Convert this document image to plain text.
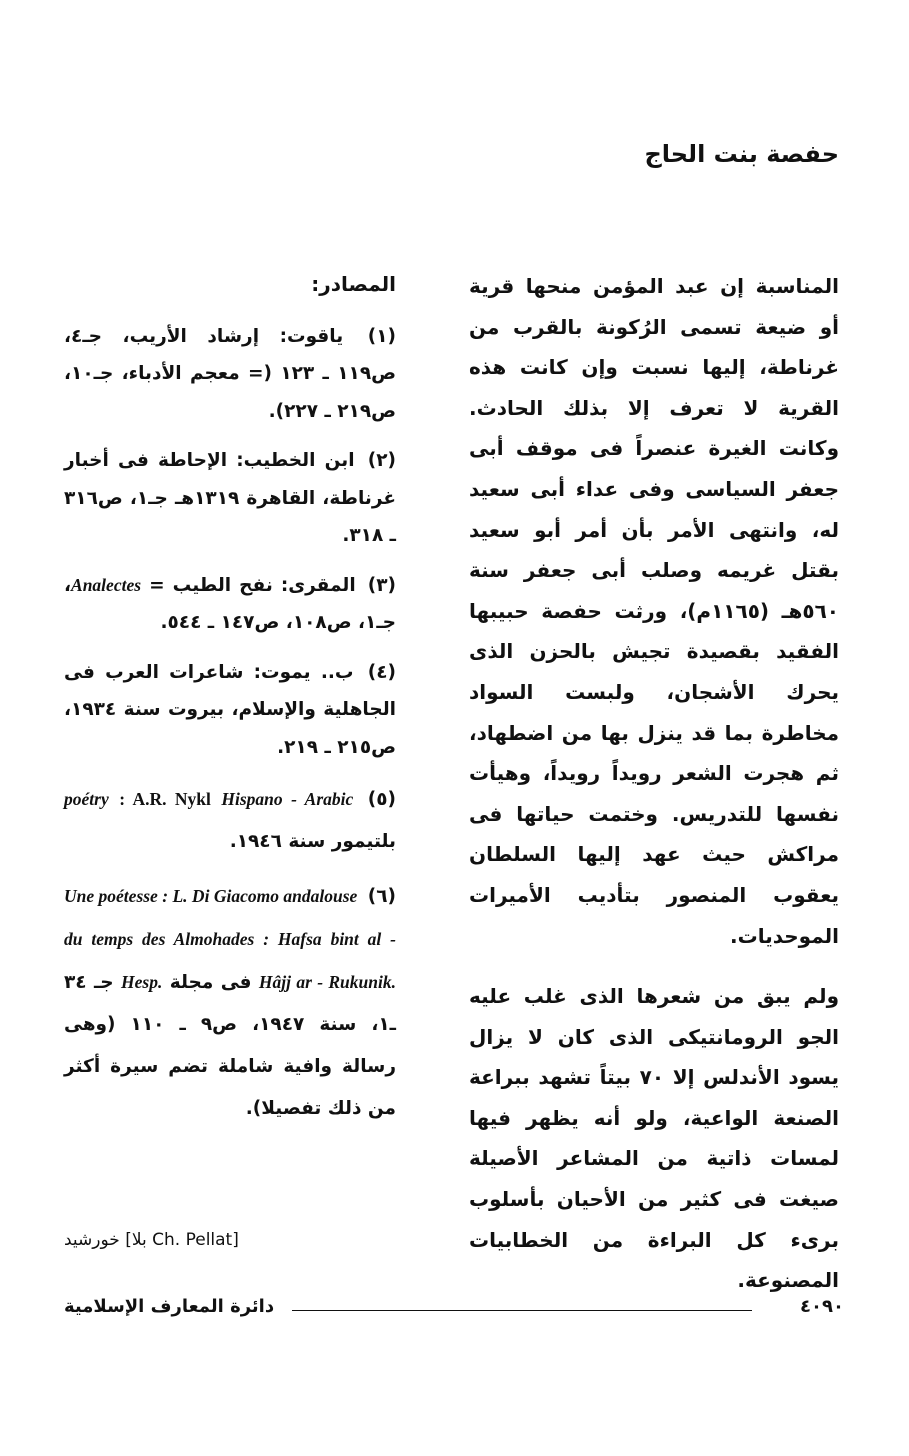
حفصة بنت الحاج

المناسبة إن عبد المؤمن منحها قرية أو ضيعة تسمى الرُكونة بالقرب من غرناطة، إليها نسبت وإن كانت هذه القرية لا تعرف إلا بذلك الحادث. وكانت الغيرة عنصراً فى موقف أبى جعفر السياسى وفى عداء أبى سعيد له، وانتهى الأمر بأن أمر أبو سعيد بقتل غريمه وصلب أبى جعفر سنة ٥٦٠هـ (١١٦٥م)، ورثت حفصة حبيبها الفقيد بقصيدة تجيش بالحزن الذى يحرك الأشجان، ولبست السواد مخاطرة بما قد ينزل بها من اضطهاد، ثم هجرت الشعر رويداً رويداً، وهيأت نفسها للتدريس. وختمت حياتها فى مراكش حيث عهد إليها السلطان يعقوب المنصور بتأديب الأميرات الموحديات.

ولم يبق من شعرها الذى غلب عليه الجو الرومانتيكى الذى كان لا يزال يسود الأندلس إلا ٧٠ بيتاً تشهد ببراعة الصنعة الواعية، ولو أنه يظهر فيها لمسات ذاتية من المشاعر الأصيلة صيغت فى كثير من الأحيان بأسلوب برىء كل البراءة من الخطابيات المصنوعة.

المصادر:
(١) ياقوت: إرشاد الأريب، جـ٤، ص١١٩ ـ ١٢٣ (= معجم الأدباء، جـ١٠، ص٢١٩ ـ ٢٢٧).
(٢) ابن الخطيب: الإحاطة فى أخبار غرناطة، القاهرة ١٣١٩هـ جـ١، ص٣١٦ ـ ٣١٨.
(٣) المقرى: نفح الطيب = Analectes، جـ١، ص١٠٨، ص١٤٧ ـ ٥٤٤.
(٤) ب.. يموت: شاعرات العرب فى الجاهلية والإسلام، بيروت سنة ١٩٣٤، ص٢١٥ ـ ٢١٩.
(٥) Hispano - Arabic : A.R. Nykl poétry بلتيمور سنة ١٩٤٦.
(٦) Une poétesse : L. Di Giacomo andalouse du temps des Almohades : Hafsa bint al - Hâjj ar - Rukunik. فى مجلة Hesp. جـ ٣٤ ـ١، سنة ١٩٤٧، ص٩ ـ ١١٠ (وهى رسالة وافية شاملة تضم سيرة أكثر من ذلك تفصيلا).
خورشيد [بلا Ch. Pellat]
دائرة المعارف الإسلامية	٤٠٩٠
